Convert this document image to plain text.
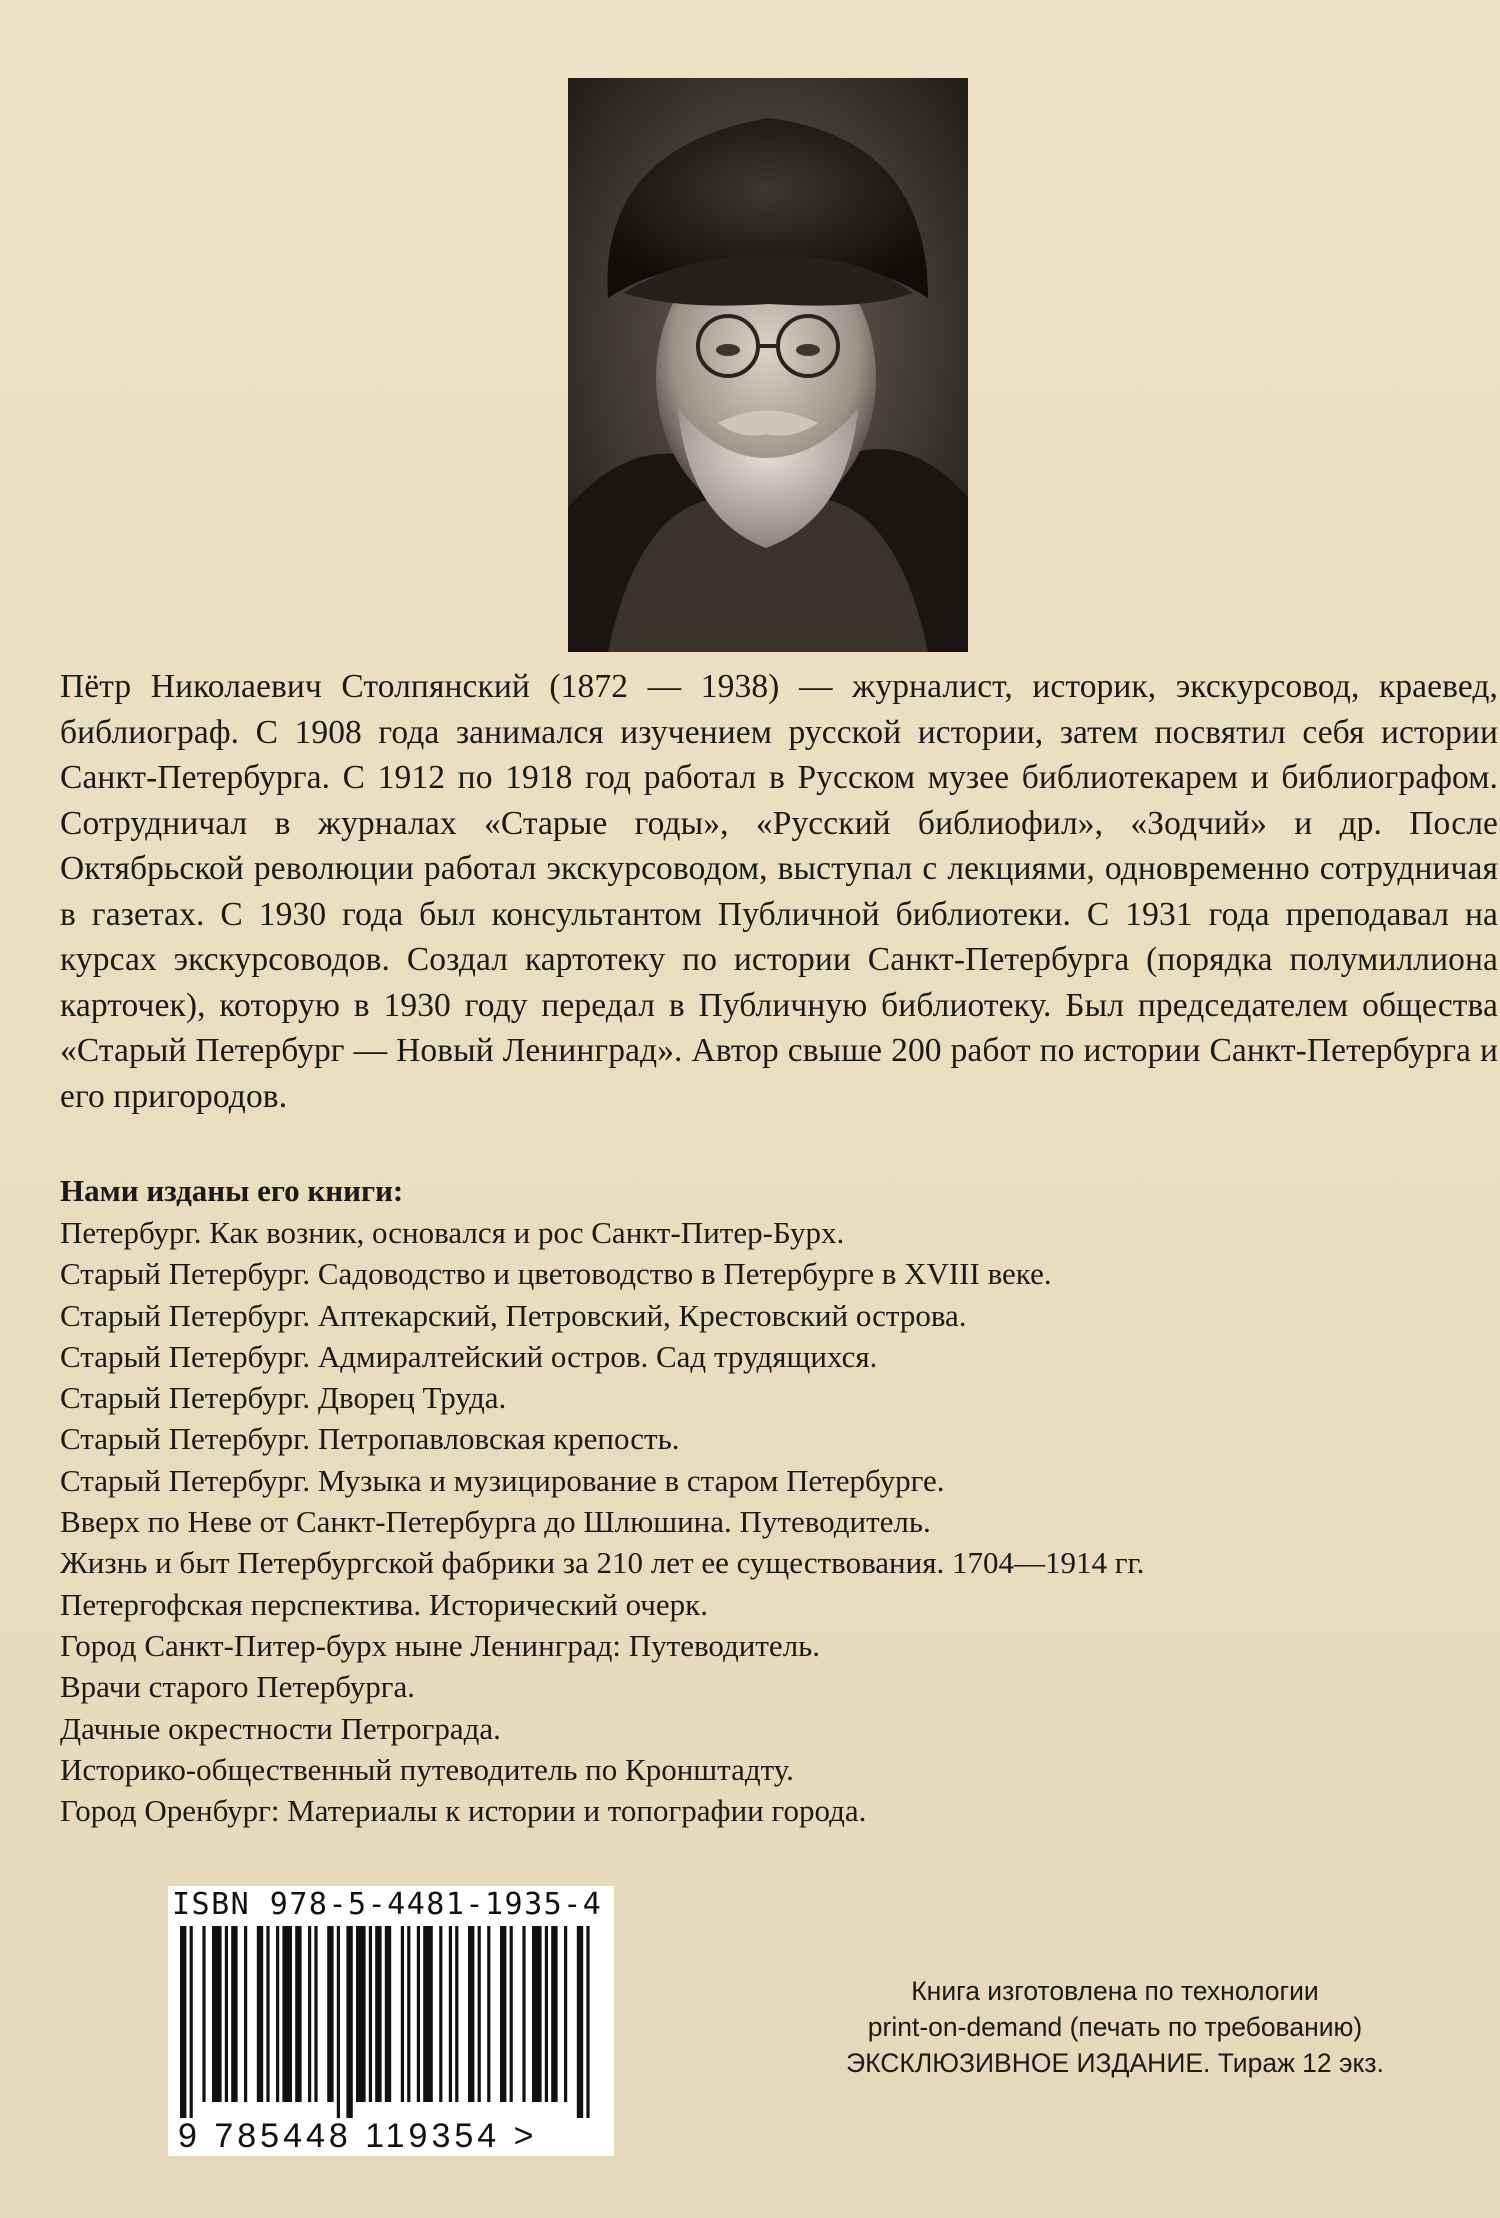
Пётр Николаевич Столпянский (1872 — 1938) — журналист, историк, экскурсовод, краевед, библиограф. С 1908 года занимался изучением русской истории, затем посвятил себя истории Санкт-Петербурга. С 1912 по 1918 год работал в Русском музее библиотекарем и библиографом. Сотрудничал в журналах «Старые годы», «Русский библиофил», «Зодчий» и др. После Октябрьской революции работал экскурсоводом, выступал с лекциями, одновременно сотрудничая в газетах. С 1930 года был консультантом Публичной библиотеки. С 1931 года преподавал на курсах экскурсоводов. Создал картотеку по истории Санкт-Петербурга (порядка полумиллиона карточек), которую в 1930 году передал в Публичную библиотеку. Был председателем общества «Старый Петербург — Новый Ленинград». Автор свыше 200 работ по истории Санкт-Петербурга и его пригородов.
Нами изданы его книги:
Петербург. Как возник, основался и рос Санкт-Питер-Бурх.
Старый Петербург. Садоводство и цветоводство в Петербурге в XVIII веке.
Старый Петербург. Аптекарский, Петровский, Крестовский острова.
Старый Петербург. Адмиралтейский остров. Сад трудящихся.
Старый Петербург. Дворец Труда.
Старый Петербург. Петропавловская крепость.
Старый Петербург. Музыка и музицирование в старом Петербурге.
Вверх по Неве от Санкт-Петербурга до Шлюшина. Путеводитель.
Жизнь и быт Петербургской фабрики за 210 лет ее существования. 1704—1914 гг.
Петергофская перспектива. Исторический очерк.
Город Санкт-Питер-бурх ныне Ленинград: Путеводитель.
Врачи старого Петербурга.
Дачные окрестности Петрограда.
Историко-общественный путеводитель по Кронштадту.
Город Оренбург: Материалы к истории и топографии города.
ISBN 978-5-4481-1935-4
9 785448 119354 >
Книга изготовлена по технологии
print-on-demand (печать по требованию)
ЭКСКЛЮЗИВНОЕ ИЗДАНИЕ. Тираж 12 экз.
